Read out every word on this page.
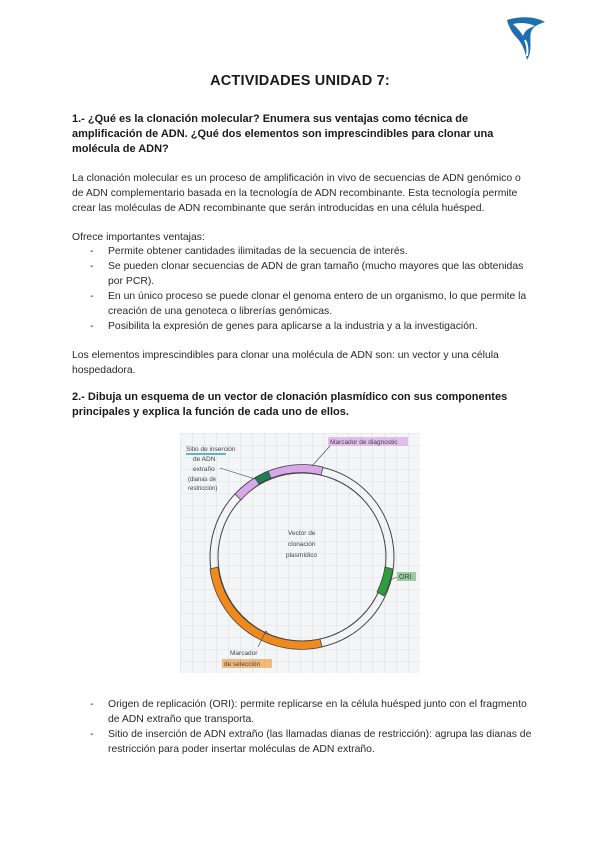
ACTIVIDADES UNIDAD 7:
1.- ¿Qué es la clonación molecular? Enumera sus ventajas como técnica de amplificación de ADN. ¿Qué dos elementos son imprescindibles para clonar una molécula de ADN?
La clonación molecular es un proceso de amplificación in vivo de secuencias de ADN genómico o de ADN complementario basada en la tecnología de ADN recombinante. Esta tecnología permite crear las moléculas de ADN recombinante que serán introducidas en una célula huésped.
Ofrece importantes ventajas:
- Permite obtener cantidades ilimitadas de la secuencia de interés.
- Se pueden clonar secuencias de ADN de gran tamaño (mucho mayores que las obtenidas por PCR).
- En un único proceso se puede clonar el genoma entero de un organismo, lo que permite la creación de una genoteca o librerías genómicas.
- Posibilita la expresión de genes para aplicarse a la industria y a la investigación.
Los elementos imprescindibles para clonar una molécula de ADN son: un vector y una célula hospedadora.
2.- Dibuja un esquema de un vector de clonación plasmídico con sus componentes principales y explica la función de cada uno de ellos.
Sitio de inserción
de ADN
extraño
(dianas de
restricción)
Marcador de diagnostic
Vector de
clonación
plasmídico
ORI
Marcador
de selección
- Origen de replicación (ORI): permite replicarse en la célula huésped junto con el fragmento de ADN extraño que transporta.
- Sitio de inserción de ADN extraño (las llamadas dianas de restricción): agrupa las dianas de restricción para poder insertar moléculas de ADN extraño.
